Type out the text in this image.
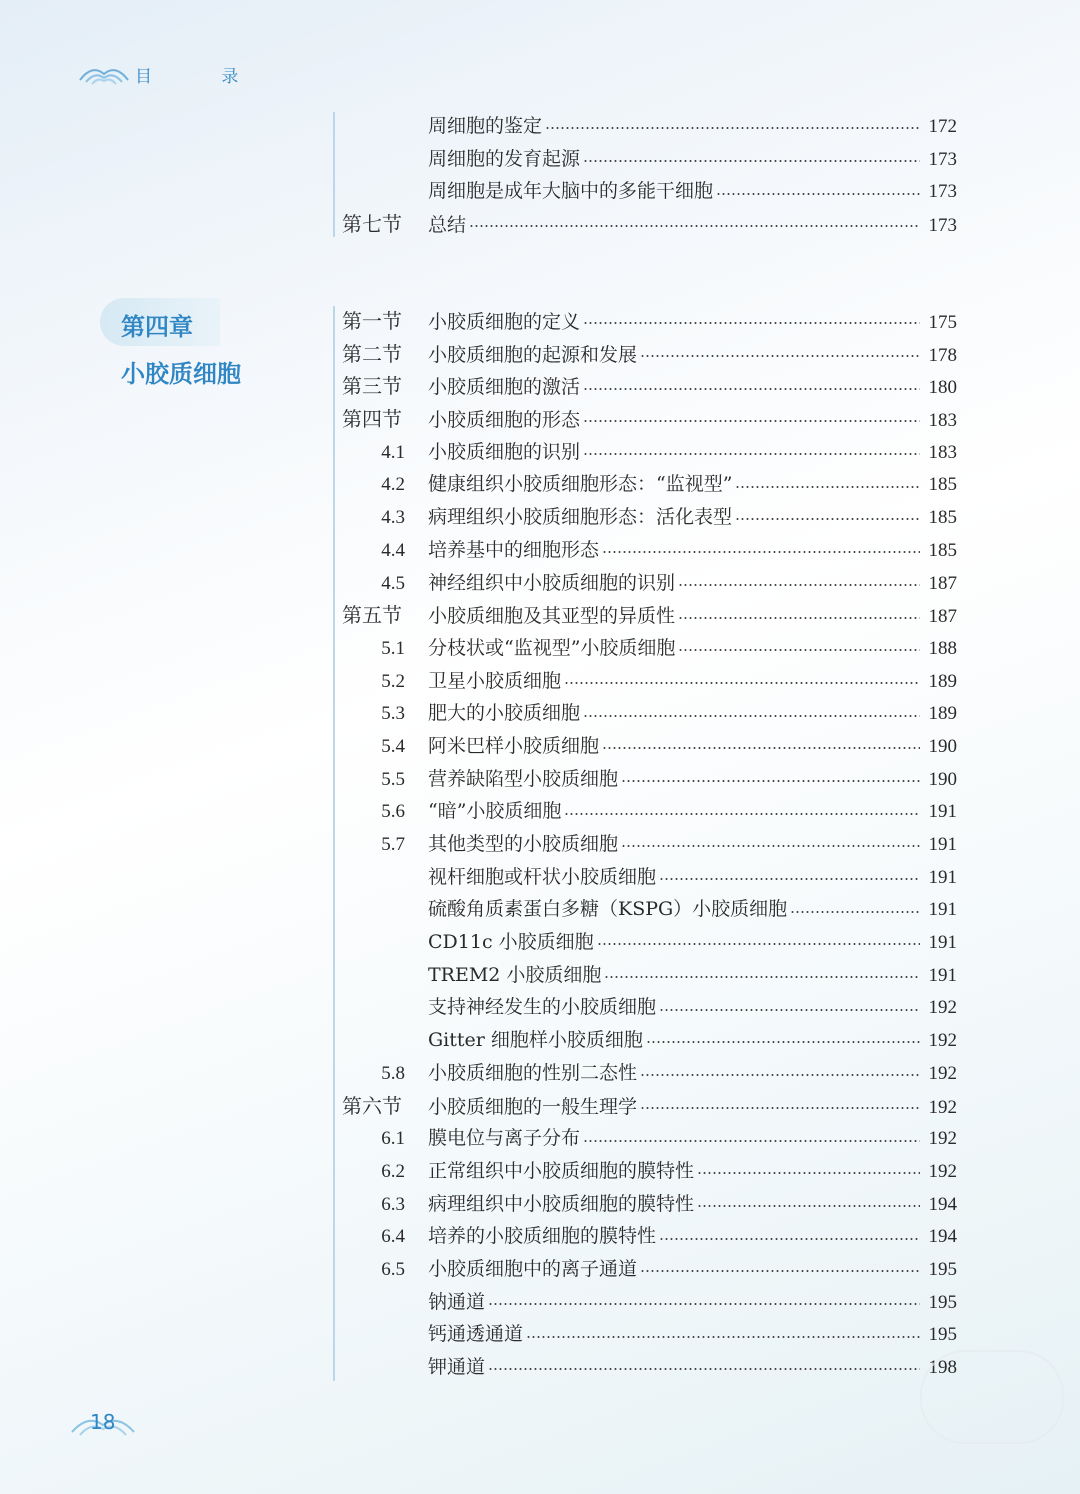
目 录
第四章
小胶质细胞
周细胞的鉴定	172
周细胞的发育起源	173
周细胞是成年大脑中的多能干细胞	173
第七节	总结	173
第一节	小胶质细胞的定义	175
第二节	小胶质细胞的起源和发展	178
第三节	小胶质细胞的激活	180
第四节	小胶质细胞的形态	183
4.1	小胶质细胞的识别	183
4.2	健康组织小胶质细胞形态：“监视型”	185
4.3	病理组织小胶质细胞形态：活化表型	185
4.4	培养基中的细胞形态	185
4.5	神经组织中小胶质细胞的识别	187
第五节	小胶质细胞及其亚型的异质性	187
5.1	分枝状或“监视型”小胶质细胞	188
5.2	卫星小胶质细胞	189
5.3	肥大的小胶质细胞	189
5.4	阿米巴样小胶质细胞	190
5.5	营养缺陷型小胶质细胞	190
5.6	“暗”小胶质细胞	191
5.7	其他类型的小胶质细胞	191
视杆细胞或杆状小胶质细胞	191
硫酸角质素蛋白多糖（KSPG）小胶质细胞	191
CD11c 小胶质细胞	191
TREM2 小胶质细胞	191
支持神经发生的小胶质细胞	192
Gitter 细胞样小胶质细胞	192
5.8	小胶质细胞的性别二态性	192
第六节	小胶质细胞的一般生理学	192
6.1	膜电位与离子分布	192
6.2	正常组织中小胶质细胞的膜特性	192
6.3	病理组织中小胶质细胞的膜特性	194
6.4	培养的小胶质细胞的膜特性	194
6.5	小胶质细胞中的离子通道	195
钠通道	195
钙通透通道	195
钾通道	198
18
